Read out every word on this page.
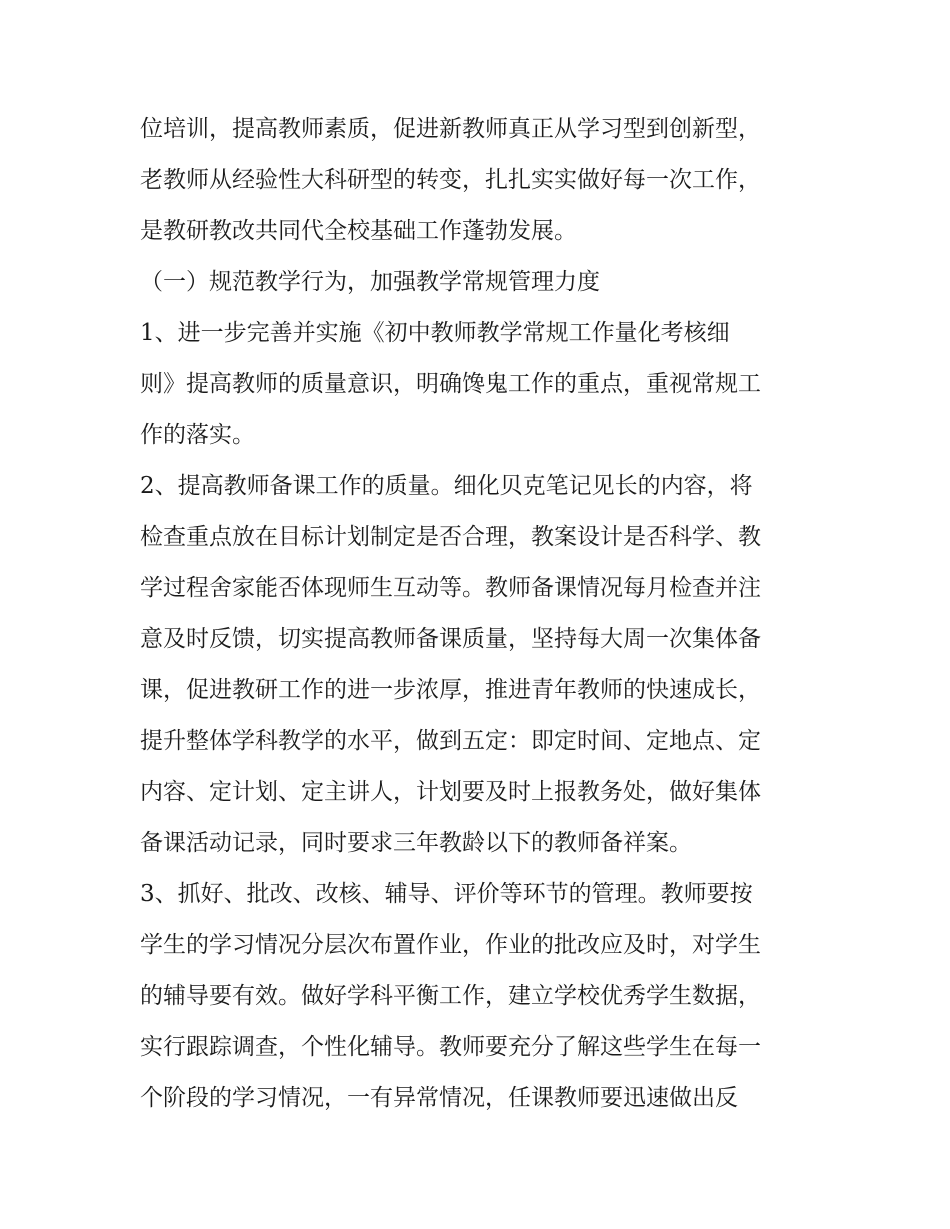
位培训，提高教师素质，促进新教师真正从学习型到创新型，
老教师从经验性大科研型的转变，扎扎实实做好每一次工作，
是教研教改共同代全校基础工作蓬勃发展。
（一）规范教学行为，加强教学常规管理力度
1、进一步完善并实施《初中教师教学常规工作量化考核细
则》提高教师的质量意识，明确馋鬼工作的重点，重视常规工
作的落实。
2、提高教师备课工作的质量。细化贝克笔记见长的内容，将
检查重点放在目标计划制定是否合理，教案设计是否科学、教
学过程舍家能否体现师生互动等。教师备课情况每月检查并注
意及时反馈，切实提高教师备课质量，坚持每大周一次集体备
课，促进教研工作的进一步浓厚，推进青年教师的快速成长，
提升整体学科教学的水平，做到五定：即定时间、定地点、定
内容、定计划、定主讲人，计划要及时上报教务处，做好集体
备课活动记录，同时要求三年教龄以下的教师备祥案。
3、抓好、批改、改核、辅导、评价等环节的管理。教师要按
学生的学习情况分层次布置作业，作业的批改应及时，对学生
的辅导要有效。做好学科平衡工作，建立学校优秀学生数据，
实行跟踪调查，个性化辅导。教师要充分了解这些学生在每一
个阶段的学习情况，一有异常情况，任课教师要迅速做出反
